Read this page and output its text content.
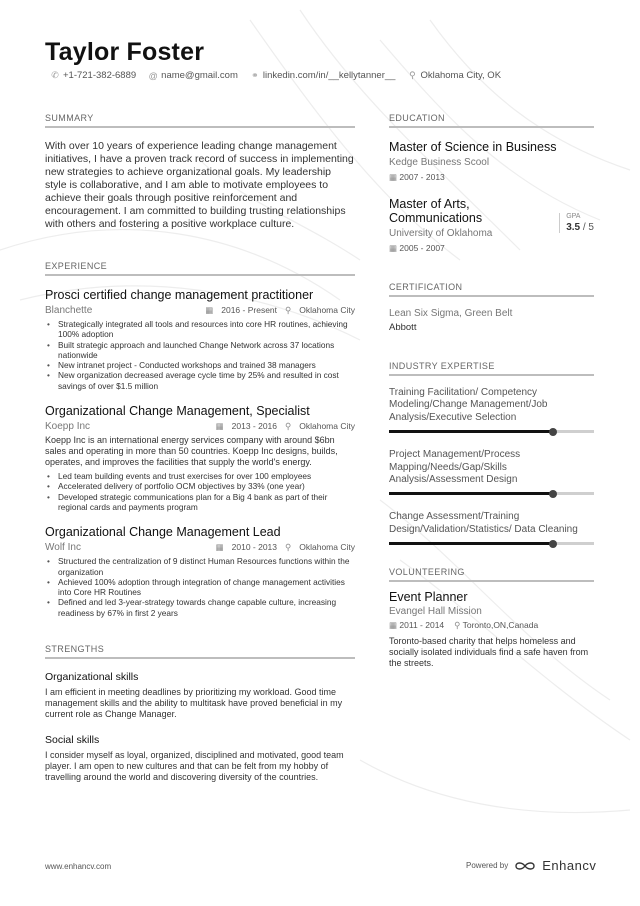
Taylor Foster
✆ +1-721-382-6889 @ name@gmail.com ⚭ linkedin.com/in/__kellytanner__ ⚲ Oklahoma City, OK
SUMMARY
With over 10 years of experience leading change management initiatives, I have a proven track record of success in implementing new strategies to achieve organizational goals. My leadership style is collaborative, and I am able to motivate employees to achieve their goals through positive reinforcement and encouragement. I am committed to building trusting relationships with others and fostering a positive workplace culture.
EXPERIENCE
Prosci certified change management practitioner
Blanchette	▦ 2016 - Present ⚲ Oklahoma City
• Strategically integrated all tools and resources into core HR routines, achieving 100% adoption
• Built strategic approach and launched Change Network across 37 locations nationwide
• New intranet project - Conducted workshops and trained 38 managers
• New organization decreased average cycle time by 25% and resulted in cost savings of over $1.5 million
Organizational Change Management, Specialist
Koepp Inc	▦ 2013 - 2016 ⚲ Oklahoma City
Koepp Inc is an international energy services company with around $6bn sales and operating in more than 50 countries. Koepp Inc designs, builds, operates, and improves the facilities that supply the world's energy.
• Led team building events and trust exercises for over 100 employees
• Accelerated delivery of portfolio OCM objectives by 33% (one year)
• Developed strategic communications plan for a Big 4 bank as part of their regional cards and payments program
Organizational Change Management Lead
Wolf Inc	▦ 2010 - 2013 ⚲ Oklahoma City
• Structured the centralization of 9 distinct Human Resources functions within the organization
• Achieved 100% adoption through integration of change management activities into Core HR Routines
• Defined and led 3-year-strategy towards change capable culture, increasing readiness by 67% in first 2 years
STRENGTHS
Organizational skills
I am efficient in meeting deadlines by prioritizing my workload. Good time management skills and the ability to multitask have proved beneficial in my current role as Change Manager.
Social skills
I consider myself as loyal, organized, disciplined and motivated, good team player. I am open to new cultures and that can be felt from my hobby of travelling around the world and discovering diversity of the countries.
EDUCATION
Master of Science in Business
Kedge Business Scool
▦ 2007 - 2013
Master of Arts, Communications	GPA
3.5 / 5
University of Oklahoma
▦ 2005 - 2007
CERTIFICATION
Lean Six Sigma, Green Belt
Abbott
INDUSTRY EXPERTISE
Training Facilitation/ Competency Modeling/Change Management/Job Analysis/Executive Selection
Project Management/Process Mapping/Needs/Gap/Skills Analysis/Assessment Design
Change Assessment/Training Design/Validation/Statistics/ Data Cleaning
VOLUNTEERING
Event Planner
Evangel Hall Mission
▦ 2011 - 2014 ⚲ Toronto,ON,Canada
Toronto-based charity that helps homeless and socially isolated individuals find a safe haven from the streets.
www.enhancv.com	Powered by	Enhancv
